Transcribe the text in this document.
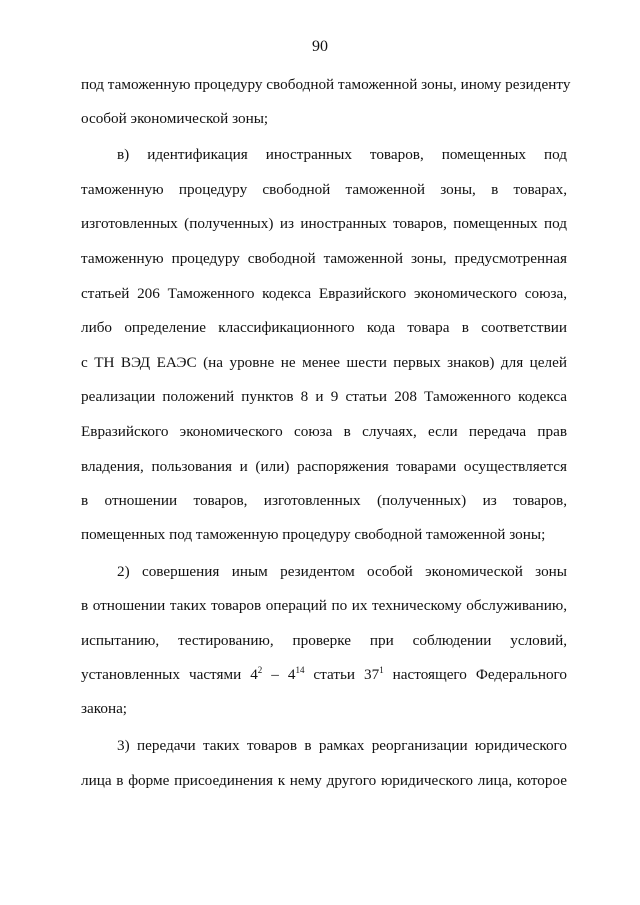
90
под таможенную процедуру свободной таможенной зоны, иному резиденту
особой экономической зоны;
в) идентификация иностранных товаров, помещенных под
таможенную процедуру свободной таможенной зоны, в товарах,
изготовленных (полученных) из иностранных товаров, помещенных под
таможенную процедуру свободной таможенной зоны, предусмотренная
статьей 206 Таможенного кодекса Евразийского экономического союза,
либо определение классификационного кода товара в соответствии
с ТН ВЭД ЕАЭС (на уровне не менее шести первых знаков) для целей
реализации положений пунктов 8 и 9 статьи 208 Таможенного кодекса
Евразийского экономического союза в случаях, если передача прав
владения, пользования и (или) распоряжения товарами осуществляется
в отношении товаров, изготовленных (полученных) из товаров,
помещенных под таможенную процедуру свободной таможенной зоны;
2) совершения иным резидентом особой экономической зоны
в отношении таких товаров операций по их техническому обслуживанию,
испытанию, тестированию, проверке при соблюдении условий,
установленных частями $4^2 - 4^{14}$ статьи $37^1$ настоящего Федерального
закона;
3) передачи таких товаров в рамках реорганизации юридического
лица в форме присоединения к нему другого юридического лица, которое
